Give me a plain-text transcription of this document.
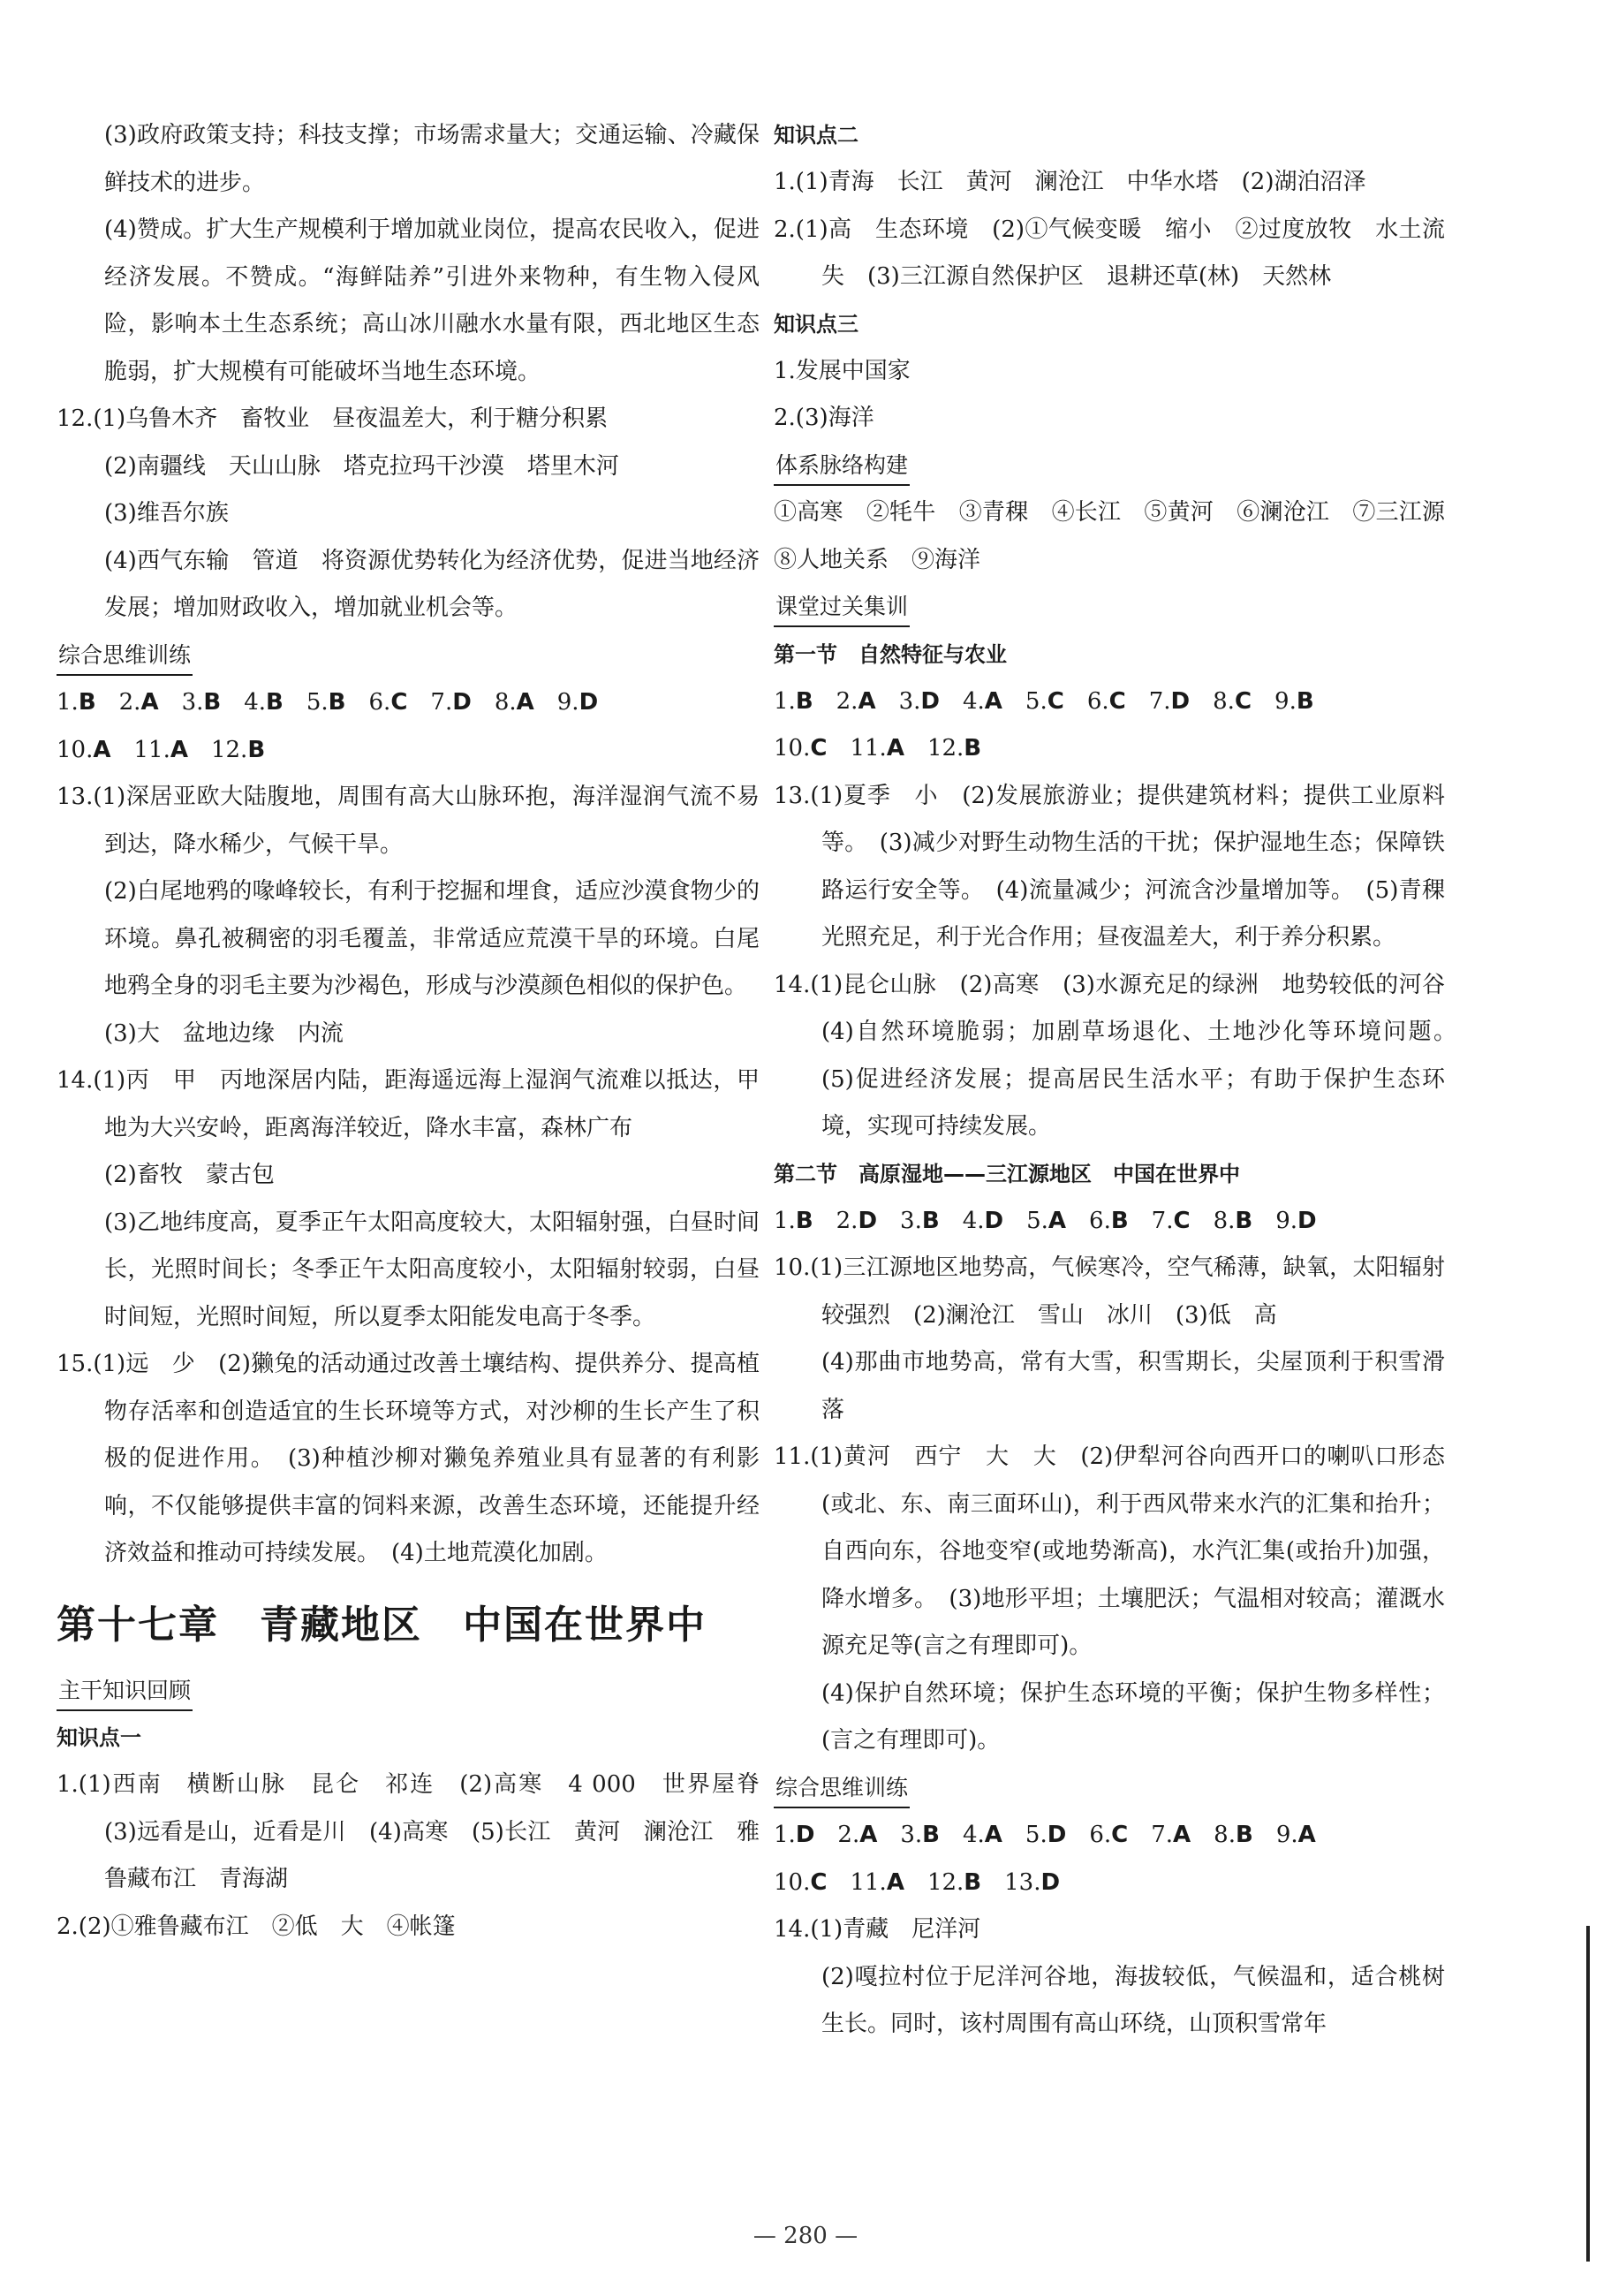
(3)政府政策支持；科技支撑；市场需求量大；交通运输、冷藏保鲜技术的进步。

(4)赞成。扩大生产规模利于增加就业岗位，提高农民收入，促进经济发展。不赞成。“海鲜陆养”引进外来物种，有生物入侵风险，影响本土生态系统；高山冰川融水水量有限，西北地区生态脆弱，扩大规模有可能破坏当地生态环境。

12.(1)乌鲁木齐　畜牧业　昼夜温差大，利于糖分积累

(2)南疆线　天山山脉　塔克拉玛干沙漠　塔里木河

(3)维吾尔族

(4)西气东输　管道　将资源优势转化为经济优势，促进当地经济发展；增加财政收入，增加就业机会等。

综合思维训练

1.B　2.A　3.B　4.B　5.B　6.C　7.D　8.A　9.D

10.A　11.A　12.B

13.(1)深居亚欧大陆腹地，周围有高大山脉环抱，海洋湿润气流不易到达，降水稀少，气候干旱。

(2)白尾地鸦的喙峰较长，有利于挖掘和埋食，适应沙漠食物少的环境。鼻孔被稠密的羽毛覆盖，非常适应荒漠干旱的环境。白尾地鸦全身的羽毛主要为沙褐色，形成与沙漠颜色相似的保护色。

(3)大　盆地边缘　内流

14.(1)丙　甲　丙地深居内陆，距海遥远海上湿润气流难以抵达，甲地为大兴安岭，距离海洋较近，降水丰富，森林广布

(2)畜牧　蒙古包

(3)乙地纬度高，夏季正午太阳高度较大，太阳辐射强，白昼时间长，光照时间长；冬季正午太阳高度较小，太阳辐射较弱，白昼时间短，光照时间短，所以夏季太阳能发电高于冬季。

15.(1)远　少　(2)獭兔的活动通过改善土壤结构、提供养分、提高植物存活率和创造适宜的生长环境等方式，对沙柳的生长产生了积极的促进作用。　(3)种植沙柳对獭兔养殖业具有显著的有利影响，不仅能够提供丰富的饲料来源，改善生态环境，还能提升经济效益和推动可持续发展。　(4)土地荒漠化加剧。

第十七章　青藏地区　中国在世界中
主干知识回顾

知识点一

1.(1)西南　横断山脉　昆仑　祁连　(2)高寒　4 000　世界屋脊　(3)远看是山，近看是川　(4)高寒　(5)长江　黄河　澜沧江　雅鲁藏布江　青海湖

2.(2)①雅鲁藏布江　②低　大　④帐篷

知识点二

1.(1)青海　长江　黄河　澜沧江　中华水塔　(2)湖泊沼泽

2.(1)高　生态环境　(2)①气候变暖　缩小　②过度放牧　水土流失　(3)三江源自然保护区　退耕还草(林)　天然林

知识点三

1.发展中国家

2.(3)海洋

体系脉络构建

①高寒　②牦牛　③青稞　④长江　⑤黄河　⑥澜沧江　⑦三江源　⑧人地关系　⑨海洋

课堂过关集训

第一节　自然特征与农业

1.B　2.A　3.D　4.A　5.C　6.C　7.D　8.C　9.B

10.C　11.A　12.B

13.(1)夏季　小　(2)发展旅游业；提供建筑材料；提供工业原料等。　(3)减少对野生动物生活的干扰；保护湿地生态；保障铁路运行安全等。　(4)流量减少；河流含沙量增加等。　(5)青稞　光照充足，利于光合作用；昼夜温差大，利于养分积累。

14.(1)昆仑山脉　(2)高寒　(3)水源充足的绿洲　地势较低的河谷　(4)自然环境脆弱；加剧草场退化、土地沙化等环境问题。　(5)促进经济发展；提高居民生活水平；有助于保护生态环境，实现可持续发展。

第二节　高原湿地——三江源地区　中国在世界中

1.B　2.D　3.B　4.D　5.A　6.B　7.C　8.B　9.D

10.(1)三江源地区地势高，气候寒冷，空气稀薄，缺氧，太阳辐射较强烈　(2)澜沧江　雪山　冰川　(3)低　高

(4)那曲市地势高，常有大雪，积雪期长，尖屋顶利于积雪滑落

11.(1)黄河　西宁　大　大　(2)伊犁河谷向西开口的喇叭口形态(或北、东、南三面环山)，利于西风带来水汽的汇集和抬升；自西向东，谷地变窄(或地势渐高)，水汽汇集(或抬升)加强，降水增多。　(3)地形平坦；土壤肥沃；气温相对较高；灌溉水源充足等(言之有理即可)。

(4)保护自然环境；保护生态环境的平衡；保护生物多样性；(言之有理即可)。

综合思维训练

1.D　2.A　3.B　4.A　5.D　6.C　7.A　8.B　9.A

10.C　11.A　12.B　13.D

14.(1)青藏　尼洋河

(2)嘎拉村位于尼洋河谷地，海拔较低，气候温和，适合桃树生长。同时，该村周围有高山环绕，山顶积雪常年

— 280 —
